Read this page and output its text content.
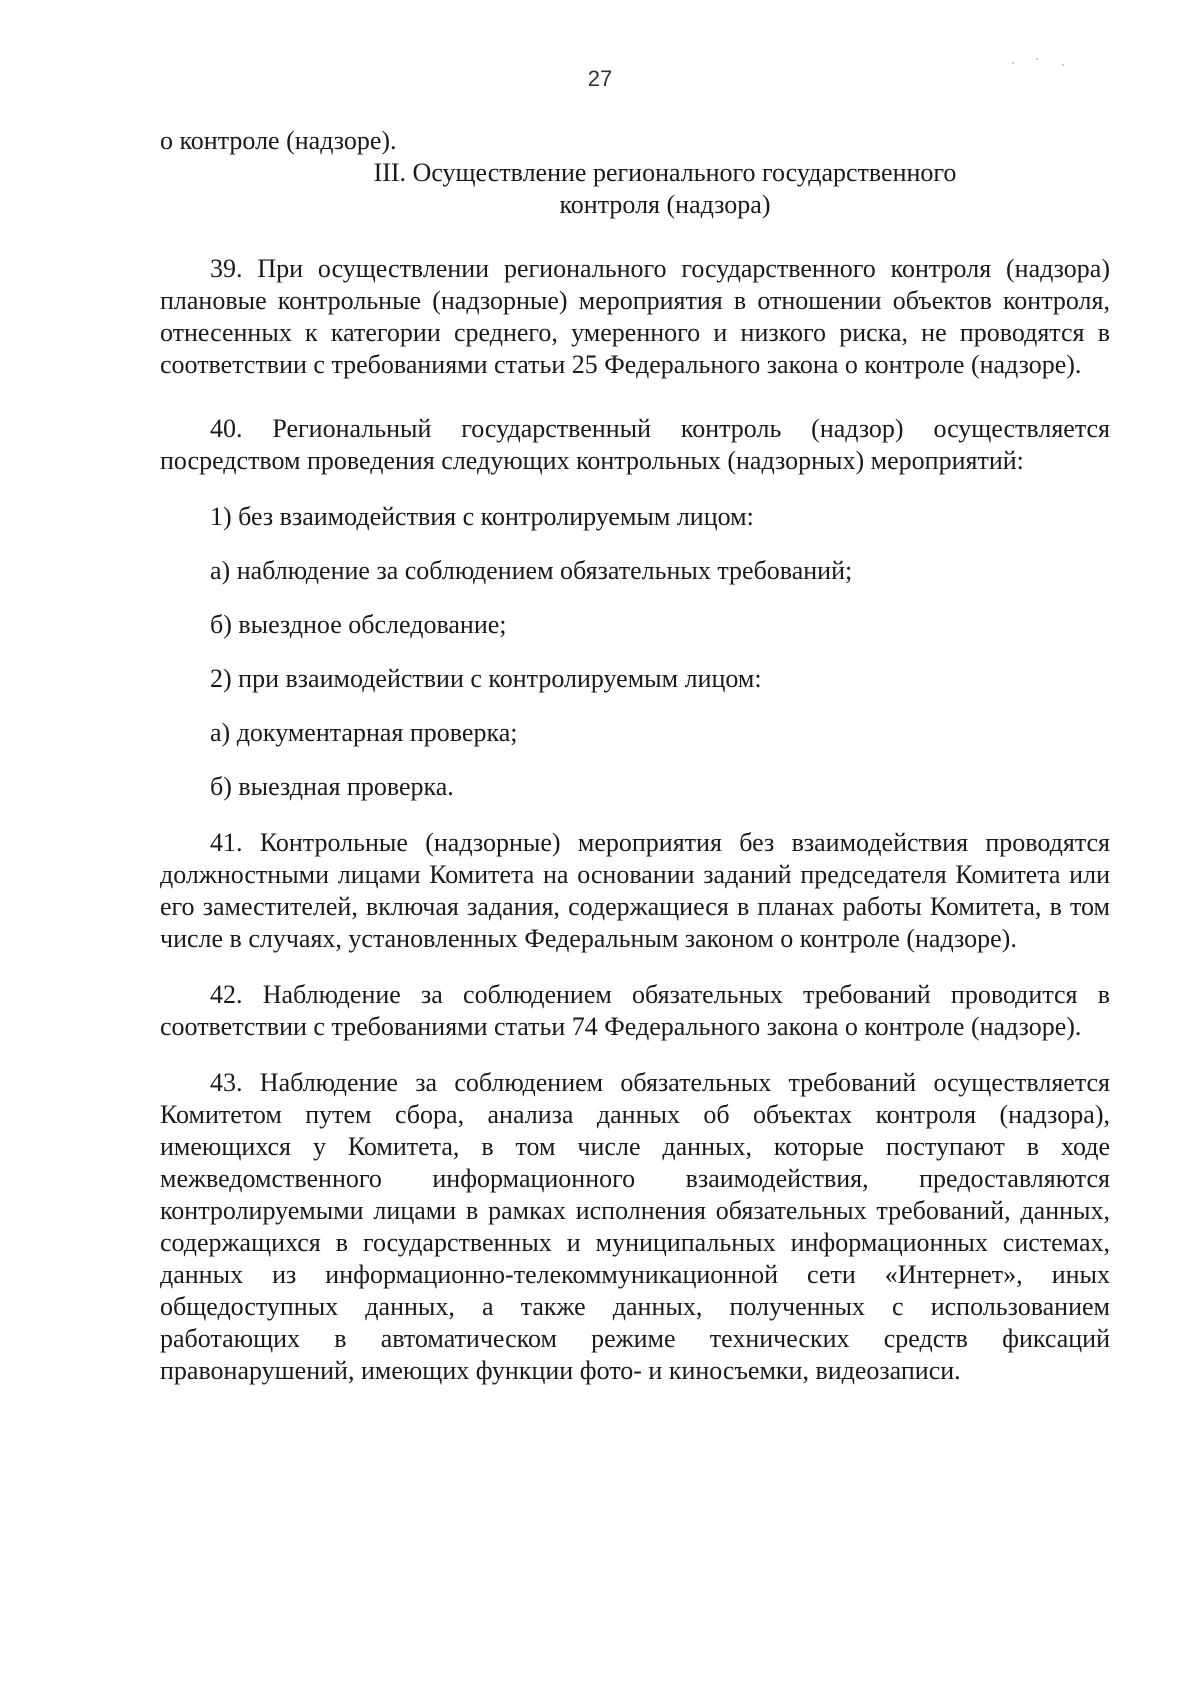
27

о контроле (надзоре).

III. Осуществление регионального государственного

контроля (надзора)

39. При осуществлении регионального государственного контроля (надзора) плановые контрольные (надзорные) мероприятия в отношении объектов контроля, отнесенных к категории среднего, умеренного и низкого риска, не проводятся в соответствии с требованиями статьи 25 Федерального закона о контроле (надзоре).

40. Региональный государственный контроль (надзор) осуществляется посредством проведения следующих контрольных (надзорных) мероприятий:

1) без взаимодействия с контролируемым лицом:

а) наблюдение за соблюдением обязательных требований;

б) выездное обследование;

2) при взаимодействии с контролируемым лицом:

а) документарная проверка;

б) выездная проверка.

41. Контрольные (надзорные) мероприятия без взаимодействия проводятся должностными лицами Комитета на основании заданий председателя Комитета или его заместителей, включая задания, содержащиеся в планах работы Комитета, в том числе в случаях, установленных Федеральным законом о контроле (надзоре).

42. Наблюдение за соблюдением обязательных требований проводится в соответствии с требованиями статьи 74 Федерального закона о контроле (надзоре).

43. Наблюдение за соблюдением обязательных требований осуществляется Комитетом путем сбора, анализа данных об объектах контроля (надзора), имеющихся у Комитета, в том числе данных, которые поступают в ходе межведомственного информационного взаимодействия, предоставляются контролируемыми лицами в рамках исполнения обязательных требований, данных, содержащихся в государственных и муниципальных информационных системах, данных из информационно-телекоммуникационной сети «Интернет», иных общедоступных данных, а также данных, полученных с использованием работающих в автоматическом режиме технических средств фиксаций правонарушений, имеющих функции фото- и киносъемки, видеозаписи.
